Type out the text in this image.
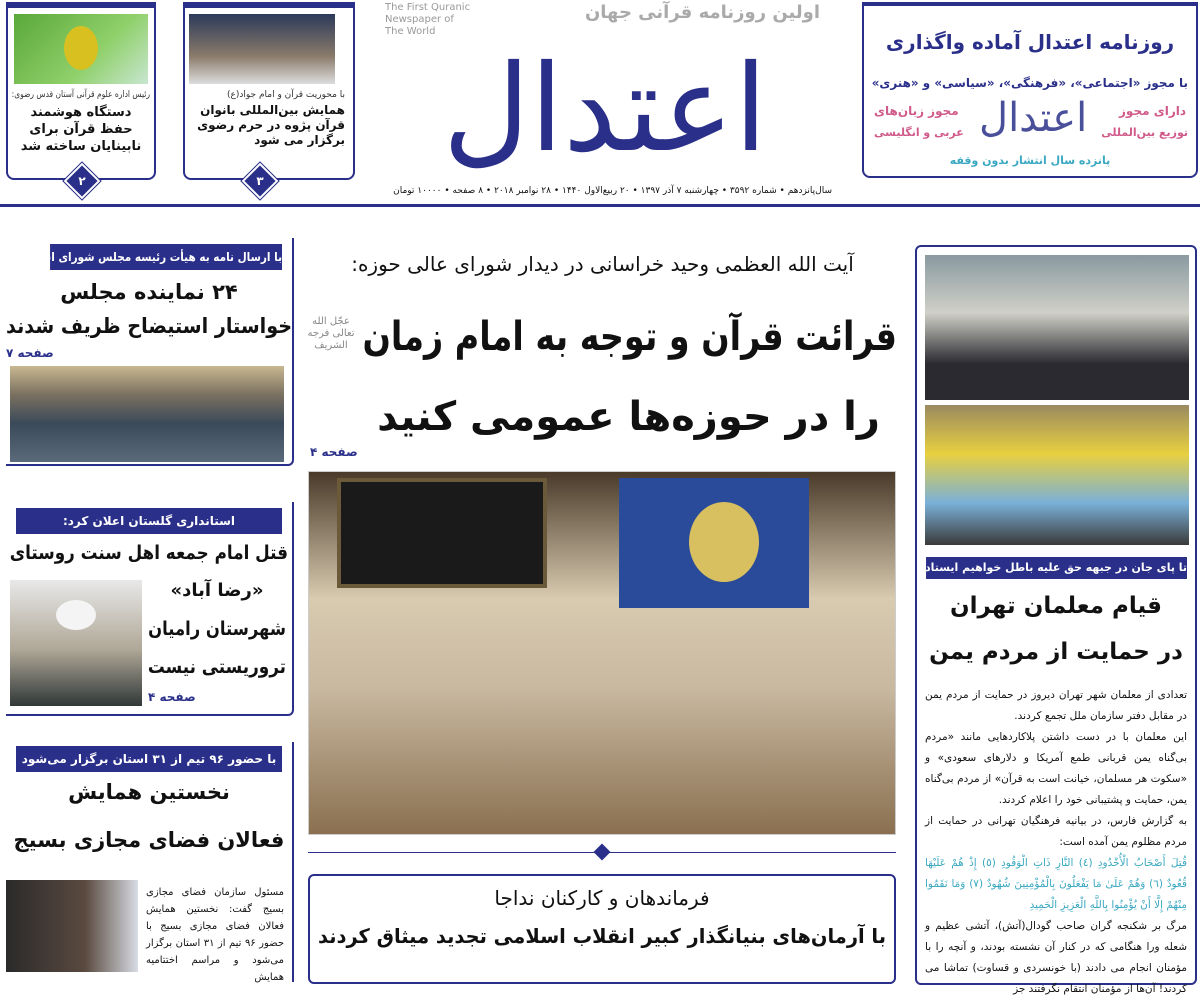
رئیس اداره علوم قرآنی آستان قدس رضوی:
دستگاه هوشمند حفظ قرآن برای نابینایان ساخته شد
۲
با محوریت قرآن و امام جواد(ع)
همایش بین‌المللی بانوان قرآن پژوه در حرم رضوی برگزار می شود
۳
The First Quranic Newspaper of The World
اولین روزنامه قرآنی جهان
اعتدال
سال‌پانزدهم • شماره ۳۵۹۲ • چهارشنبه ۷ آذر ۱۳۹۷ • ۲۰ ربیع‌الاول ۱۴۴۰ • ۲۸ نوامبر ۲۰۱۸ • ۸ صفحه • ۱۰۰۰۰ تومان
روزنامه اعتدال آماده واگذاری
با مجوز «اجتماعی»، «فرهنگی»، «سیاسی» و «هنری»
دارای مجوز
توزیع بین‌المللی
مجوز زبان‌های
عربی و انگلیسی اعتدال
پانزده سال انتشار بدون وقفه
با ارسال نامه به هیأت رئیسه مجلس شورای اسلامی
۲۴ نماینده مجلس
خواستار استیضاح ظریف شدند
صفحه ۷
استانداری گلستان اعلان کرد:
قتل امام جمعه اهل سنت روستای
«رضا آباد»
شهرستان رامیان
تروریستی نیست
صفحه ۴
با حضور ۹۶ تیم از ۳۱ استان برگزار می‌شود
نخستین همایش
فعالان فضای مجازی بسیج
مسئول سازمان فضای مجازی بسیج گفت: نخستین همایش فعالان فضای مجازی بسیج با حضور ۹۶ تیم از ۳۱ استان برگزار می‌شود و مراسم اختتامیه همایش
آیت الله العظمی وحید خراسانی در دیدار شورای عالی حوزه:
قرائت قرآن و توجه به امام زمان
عجّل الله تعالی فرجه الشریف
را در حوزه‌ها عمومی کنید
صفحه ۴
فرماندهان و کارکنان نداجا
با آرمان‌های بنیانگذار کبیر انقلاب اسلامی تجدید میثاق کردند
تا پای جان در جبهه حق علیه باطل خواهیم ایستاد
قیام معلمان تهران
در حمایت از مردم یمن

تعدادی از معلمان شهر تهران دیروز در حمایت از مردم یمن در مقابل دفتر سازمان ملل تجمع کردند.

این معلمان با در دست داشتن پلاکاردهایی مانند «مردم بی‌گناه یمن قربانی طمع آمریکا و دلارهای سعودی» و «سکوت هر مسلمان، خیانت است به قرآن» از مردم بی‌گناه یمن، حمایت و پشتیبانی خود را اعلام کردند.

به گزارش فارس، در بیانیه فرهنگیان تهرانی در حمایت از مردم مظلوم یمن آمده است:

قُتِلَ أَصْحَابُ الْأُخْدُودِ (٤) النَّارِ ذَاتِ الْوَقُودِ (٥) إِذْ هُمْ عَلَيْهَا قُعُودٌ (٦) وَهُمْ عَلَىٰ مَا يَفْعَلُونَ بِالْمُؤْمِنِينَ شُهُودٌ (٧) وَمَا نَقَمُوا مِنْهُمْ إِلَّا أَنْ يُؤْمِنُوا بِاللَّهِ الْعَزِيزِ الْحَمِيدِ

مرگ بر شکنجه گران صاحب گودال(آتش)، آتشی عظیم و شعله ورا هنگامی که در کنار آن نشسته بودند، و آنچه را با مؤمنان انجام می دادند (با خونسردی و قساوت) تماشا می کردند! آن‌ها از مؤمنان انتقام نگرفتند جز
